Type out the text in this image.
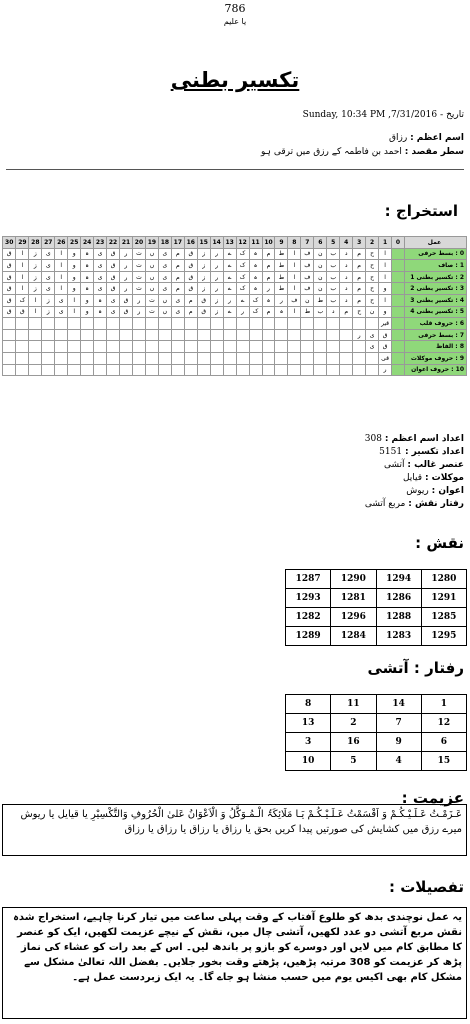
786
یا علیم
تکسیر بطنی
تاریخ - Sunday, 10:34 PM ,7/31/2016
اسم اعظم : رزاق
سطر مقصد : احمد بن فاطمہ کے رزق میں ترقی ہو
استخراج :
عمل	0	1	2	3	4	5	6	7	8	9	10	11	12	13	14	15	16	17	18	19	20	21	22	23	24	25	26	27	28	29	30
0 : بسط حرفی		ا	ح	م	د	ب	ن	ف	ا	ط	م	ہ	ک	ے	ر	ز	ق	م	ی	ں	ت	ر	ق	ی	ہ	و	ا	ی	ز	ا	ق
1 : صاف		ا	ح	م	د	ب	ن	ف	ا	ط	م	ہ	ک	ے	ر	ز	ق	م	ی	ں	ت	ر	ق	ی	ہ	و	ا	ی	ز	ا	ق
2 : تکسیر بطنی 1		ا	ح	م	د	ب	ن	ف	ا	ط	م	ہ	ک	ے	ر	ز	ق	م	ی	ں	ت	ر	ق	ی	ہ	و	ا	ی	ز	ا	ق
3 : تکسیر بطنی 2		و	ح	م	د	ب	ن	ف	ا	ط	ر	ہ	ک	ے	ر	ز	ق	م	ی	ں	ت	ر	ق	ی	ہ	و	ا	ی	ز	ا	ق
4 : تکسیر بطنی 3		ا	ح	م	د	ب	ط	ن	ف	ر	ہ	ک	ے	ر	ز	ق	م	ی	ں	ت	ر	ق	ی	ہ	و	ا	ی	ز	ا	ک	ق
5 : تکسیر بطنی 4		و	ن	ح	م	د	ب	ط	ا	ہ	م	ک	ر	ے	ز	ق	م	ی	ں	ت	ر	ق	ی	ہ	و	ا	ی	ز	ا	ق	ق
6 : حروف قلب		قیر																													
7 : بسط حرفی		ق	ی	ر																											
8 : الفاظ		ق	ی																												
9 : حروف موکلات		قی																													
10 : حروف اعوان		ر																													
اعداد اسم اعظم : 308
اعداد تکسیر : 5151
عنصر غالب : آتشی
موکلات : قیایل
اعوان : ریوش
رفتار نقش : مربع آتشی
نقش :
1280	1294	1290	1287
1291	1286	1281	1293
1285	1288	1296	1282
1295	1283	1284	1289
رفتار : آتشی
1	14	11	8
12	7	2	13
6	9	16	3
15	4	5	10
عزیمت :
عَـزَمْـتُ عَـلَـیْـکُـمْ وَ اَقْسَمْتُ عَـلَـیْـکُـمْ یَـا مَلَائِکَۃُ الْـمُـوَکَّلُ وَ الْاَعْوَانُ عَلیٰ الْحُرُوفِ وَالتَّکْسِیْرِ یا قیایل یا ریوش میرے رزق میں کشایش کی صورتیں پیدا کریں بحق یا رزاق یا رزاق یا رزاق یا رزاق
تفصیلات :
یہ عمل نوچندی بدھ کو طلوع آفتاب کے وقت پہلی ساعت میں تیار کرنا چاہیے، استخراج شدہ نقش مربع آتشی دو عدد لکھیں، آتشی چال میں، نقش کے نیچے عزیمت لکھیں، ایک کو عنصر کا مطابق کام میں لایں اور دوسرے کو بازو پر باندھ لیں۔ اس کے بعد رات کو عشاء کی نماز پڑھ کر عزیمت کو 308 مرتبہ پڑھیں، پڑھتے وقت بخور جلایں۔ بفضل اللہ تعالیٰ مشکل سے مشکل کام بھی اکیس یوم میں حسب منشا ہو جاے گا۔ یہ ایک زبردست عمل ہے۔
